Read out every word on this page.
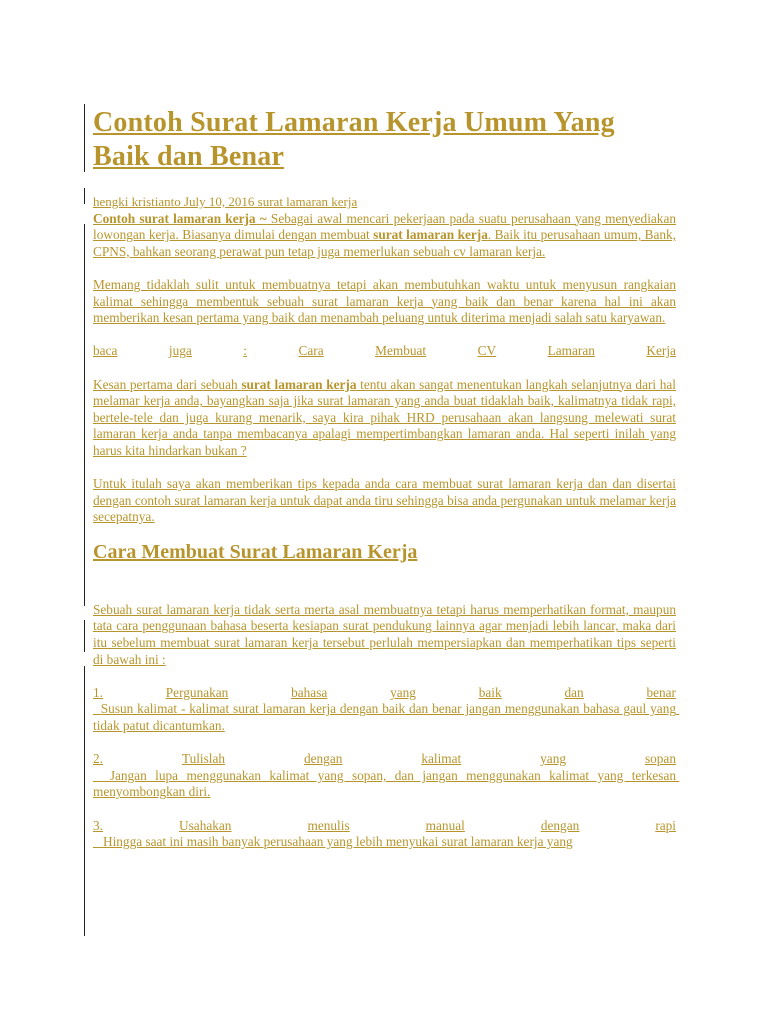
Contoh Surat Lamaran Kerja Umum Yang Baik dan Benar
hengki kristianto July 10, 2016 surat lamaran kerja

Contoh surat lamaran kerja ~ Sebagai awal mencari pekerjaan pada suatu perusahaan yang menyediakan lowongan kerja. Biasanya dimulai dengan membuat surat lamaran kerja. Baik itu perusahaan umum, Bank, CPNS, bahkan seorang perawat pun tetap juga memerlukan sebuah cv lamaran kerja.

Memang tidaklah sulit untuk membuatnya tetapi akan membutuhkan waktu untuk menyusun rangkaian kalimat sehingga membentuk sebuah surat lamaran kerja yang baik dan benar karena hal ini akan memberikan kesan pertama yang baik dan menambah peluang untuk diterima menjadi salah satu karyawan.

baca	juga	:	Cara	Membuat	CV	Lamaran	Kerja

Kesan pertama dari sebuah surat lamaran kerja tentu akan sangat menentukan langkah selanjutnya dari hal melamar kerja anda, bayangkan saja jika surat lamaran yang anda buat tidaklah baik, kalimatnya tidak rapi, bertele-tele dan juga kurang menarik, saya kira pihak HRD perusahaan akan langsung melewati surat lamaran kerja anda tanpa membacanya apalagi mempertimbangkan lamaran anda. Hal seperti inilah yang harus kita hindarkan bukan ?

Untuk itulah saya akan memberikan tips kepada anda cara membuat surat lamaran kerja dan dan disertai dengan contoh surat lamaran kerja untuk dapat anda tiru sehingga bisa anda pergunakan untuk melamar kerja secepatnya.

Cara Membuat Surat Lamaran Kerja

Sebuah surat lamaran kerja tidak serta merta asal membuatnya tetapi harus memperhatikan format, maupun tata cara penggunaan bahasa beserta kesiapan surat pendukung lainnya agar menjadi lebih lancar, maka dari itu sebelum membuat surat lamaran kerja tersebut perlulah mempersiapkan dan memperhatikan tips seperti di bawah ini :

1.	Pergunakan	bahasa	yang	baik	dan	benar

Susun kalimat - kalimat surat lamaran kerja dengan baik dan benar jangan menggunakan bahasa gaul yang tidak patut dicantumkan.

2.	Tulislah	dengan	kalimat	yang	sopan

Jangan lupa menggunakan kalimat yang sopan, dan jangan menggunakan kalimat yang terkesan menyombongkan diri.

3.	Usahakan	menulis	manual	dengan	rapi

Hingga saat ini masih banyak perusahaan yang lebih menyukai surat lamaran kerja yang
